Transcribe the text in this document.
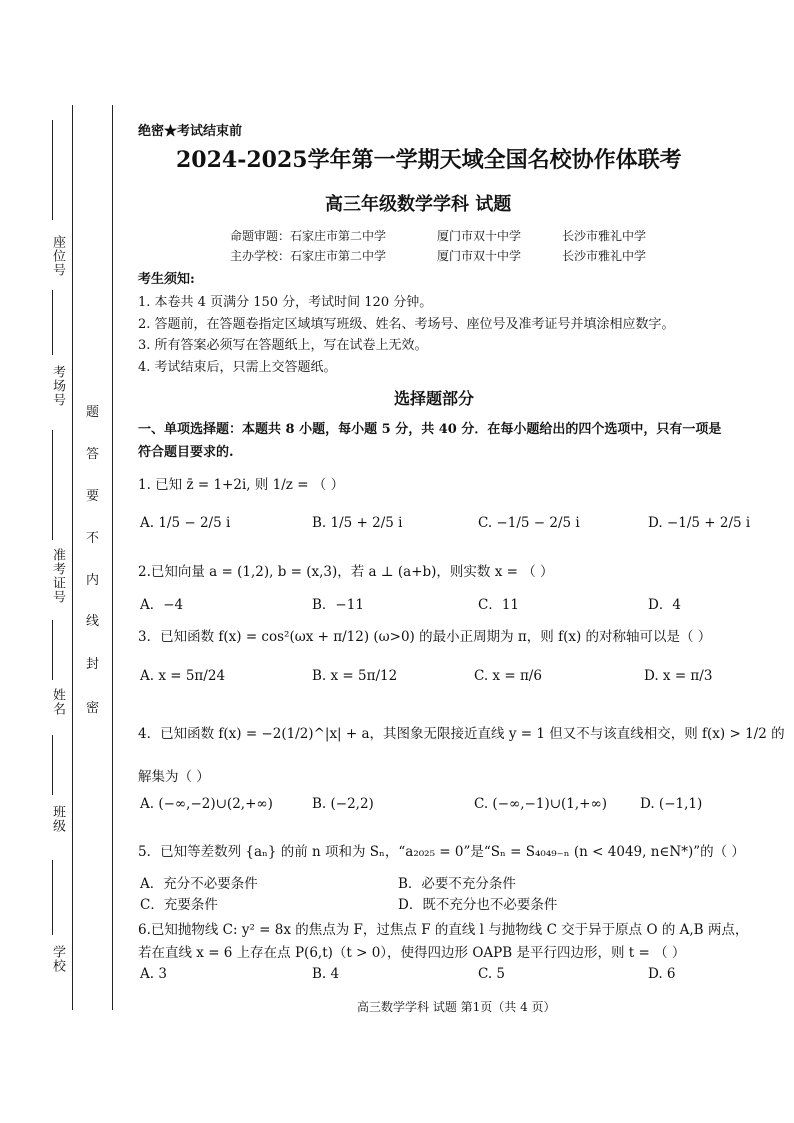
座位号
考场号
准考证号
姓名
班级
学校
密
封
线
内
不
要
答
题
绝密★考试结束前
2024-2025学年第一学期天域全国名校协作体联考
高三年级数学学科 试题
命题审题：石家庄市第二中学	厦门市双十中学	长沙市雅礼中学
主办学校：石家庄市第二中学	厦门市双十中学	长沙市雅礼中学
考生须知:
1. 本卷共 4 页满分 150 分，考试时间 120 分钟。
2. 答题前，在答题卷指定区域填写班级、姓名、考场号、座位号及准考证号并填涂相应数字。
3. 所有答案必须写在答题纸上，写在试卷上无效。
4. 考试结束后，只需上交答题纸。
选择题部分
一、单项选择题：本题共 8 小题，每小题 5 分，共 40 分．在每小题给出的四个选项中，只有一项是
符合题目要求的.
1. 已知 z̄ = 1+2i, 则 1/z = （ ）
A. 1/5 − 2/5 i	B. 1/5 + 2/5 i	C. −1/5 − 2/5 i	D. −1/5 + 2/5 i
2.已知向量 a = (1,2), b = (x,3)，若 a ⊥ (a+b)，则实数 x = （ ）
A．−4	B．−11	C．11	D．4
3．已知函数 f(x) = cos²(ωx + π/12) (ω>0) 的最小正周期为 π，则 f(x) 的对称轴可以是（ ）
A. x = 5π/24	B. x = 5π/12	C. x = π/6	D. x = π/3
4．已知函数 f(x) = −2(1/2)^|x| + a，其图象无限接近直线 y = 1 但又不与该直线相交，则 f(x) > 1/2 的
解集为（ ）
A. (−∞,−2)∪(2,+∞)	B. (−2,2)	C. (−∞,−1)∪(1,+∞) D. (−1,1)
5．已知等差数列 {aₙ} 的前 n 项和为 Sₙ，“a₂₀₂₅ = 0”是“Sₙ = S₄₀₄₉₋ₙ (n < 4049, n∈N*)”的（ ）
A．充分不必要条件	B．必要不充分条件
C．充要条件	D．既不充分也不必要条件
6.已知抛物线 C: y² = 8x 的焦点为 F，过焦点 F 的直线 l 与抛物线 C 交于异于原点 O 的 A,B 两点，
若在直线 x = 6 上存在点 P(6,t)（t > 0），使得四边形 OAPB 是平行四边形，则 t = （ ）
A. 3	B. 4	C. 5	D. 6
高三数学学科 试题 第1页（共 4 页）
